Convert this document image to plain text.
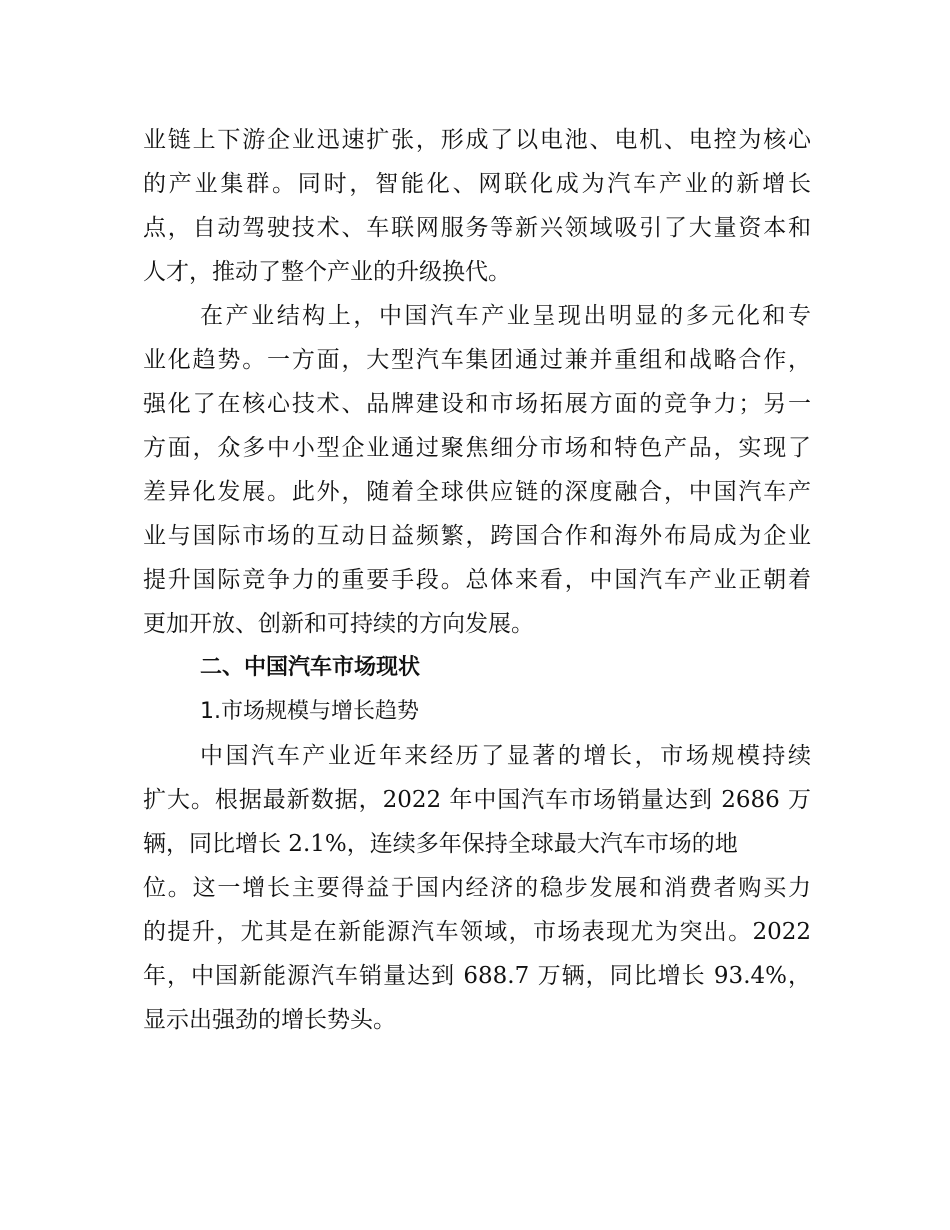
业链上下游企业迅速扩张，形成了以电池、电机、电控为核心
的产业集群。同时，智能化、网联化成为汽车产业的新增长
点，自动驾驶技术、车联网服务等新兴领域吸引了大量资本和
人才，推动了整个产业的升级换代。
在产业结构上，中国汽车产业呈现出明显的多元化和专
业化趋势。一方面，大型汽车集团通过兼并重组和战略合作，
强化了在核心技术、品牌建设和市场拓展方面的竞争力；另一
方面，众多中小型企业通过聚焦细分市场和特色产品，实现了
差异化发展。此外，随着全球供应链的深度融合，中国汽车产
业与国际市场的互动日益频繁，跨国合作和海外布局成为企业
提升国际竞争力的重要手段。总体来看，中国汽车产业正朝着
更加开放、创新和可持续的方向发展。
二、中国汽车市场现状
1.市场规模与增长趋势
中国汽车产业近年来经历了显著的增长，市场规模持续
扩大。根据最新数据，2022 年中国汽车市场销量达到 2686 万
辆，同比增长 2.1%，连续多年保持全球最大汽车市场的地
位。这一增长主要得益于国内经济的稳步发展和消费者购买力
的提升，尤其是在新能源汽车领域，市场表现尤为突出。2022
年，中国新能源汽车销量达到 688.7 万辆，同比增长 93.4%，
显示出强劲的增长势头。
